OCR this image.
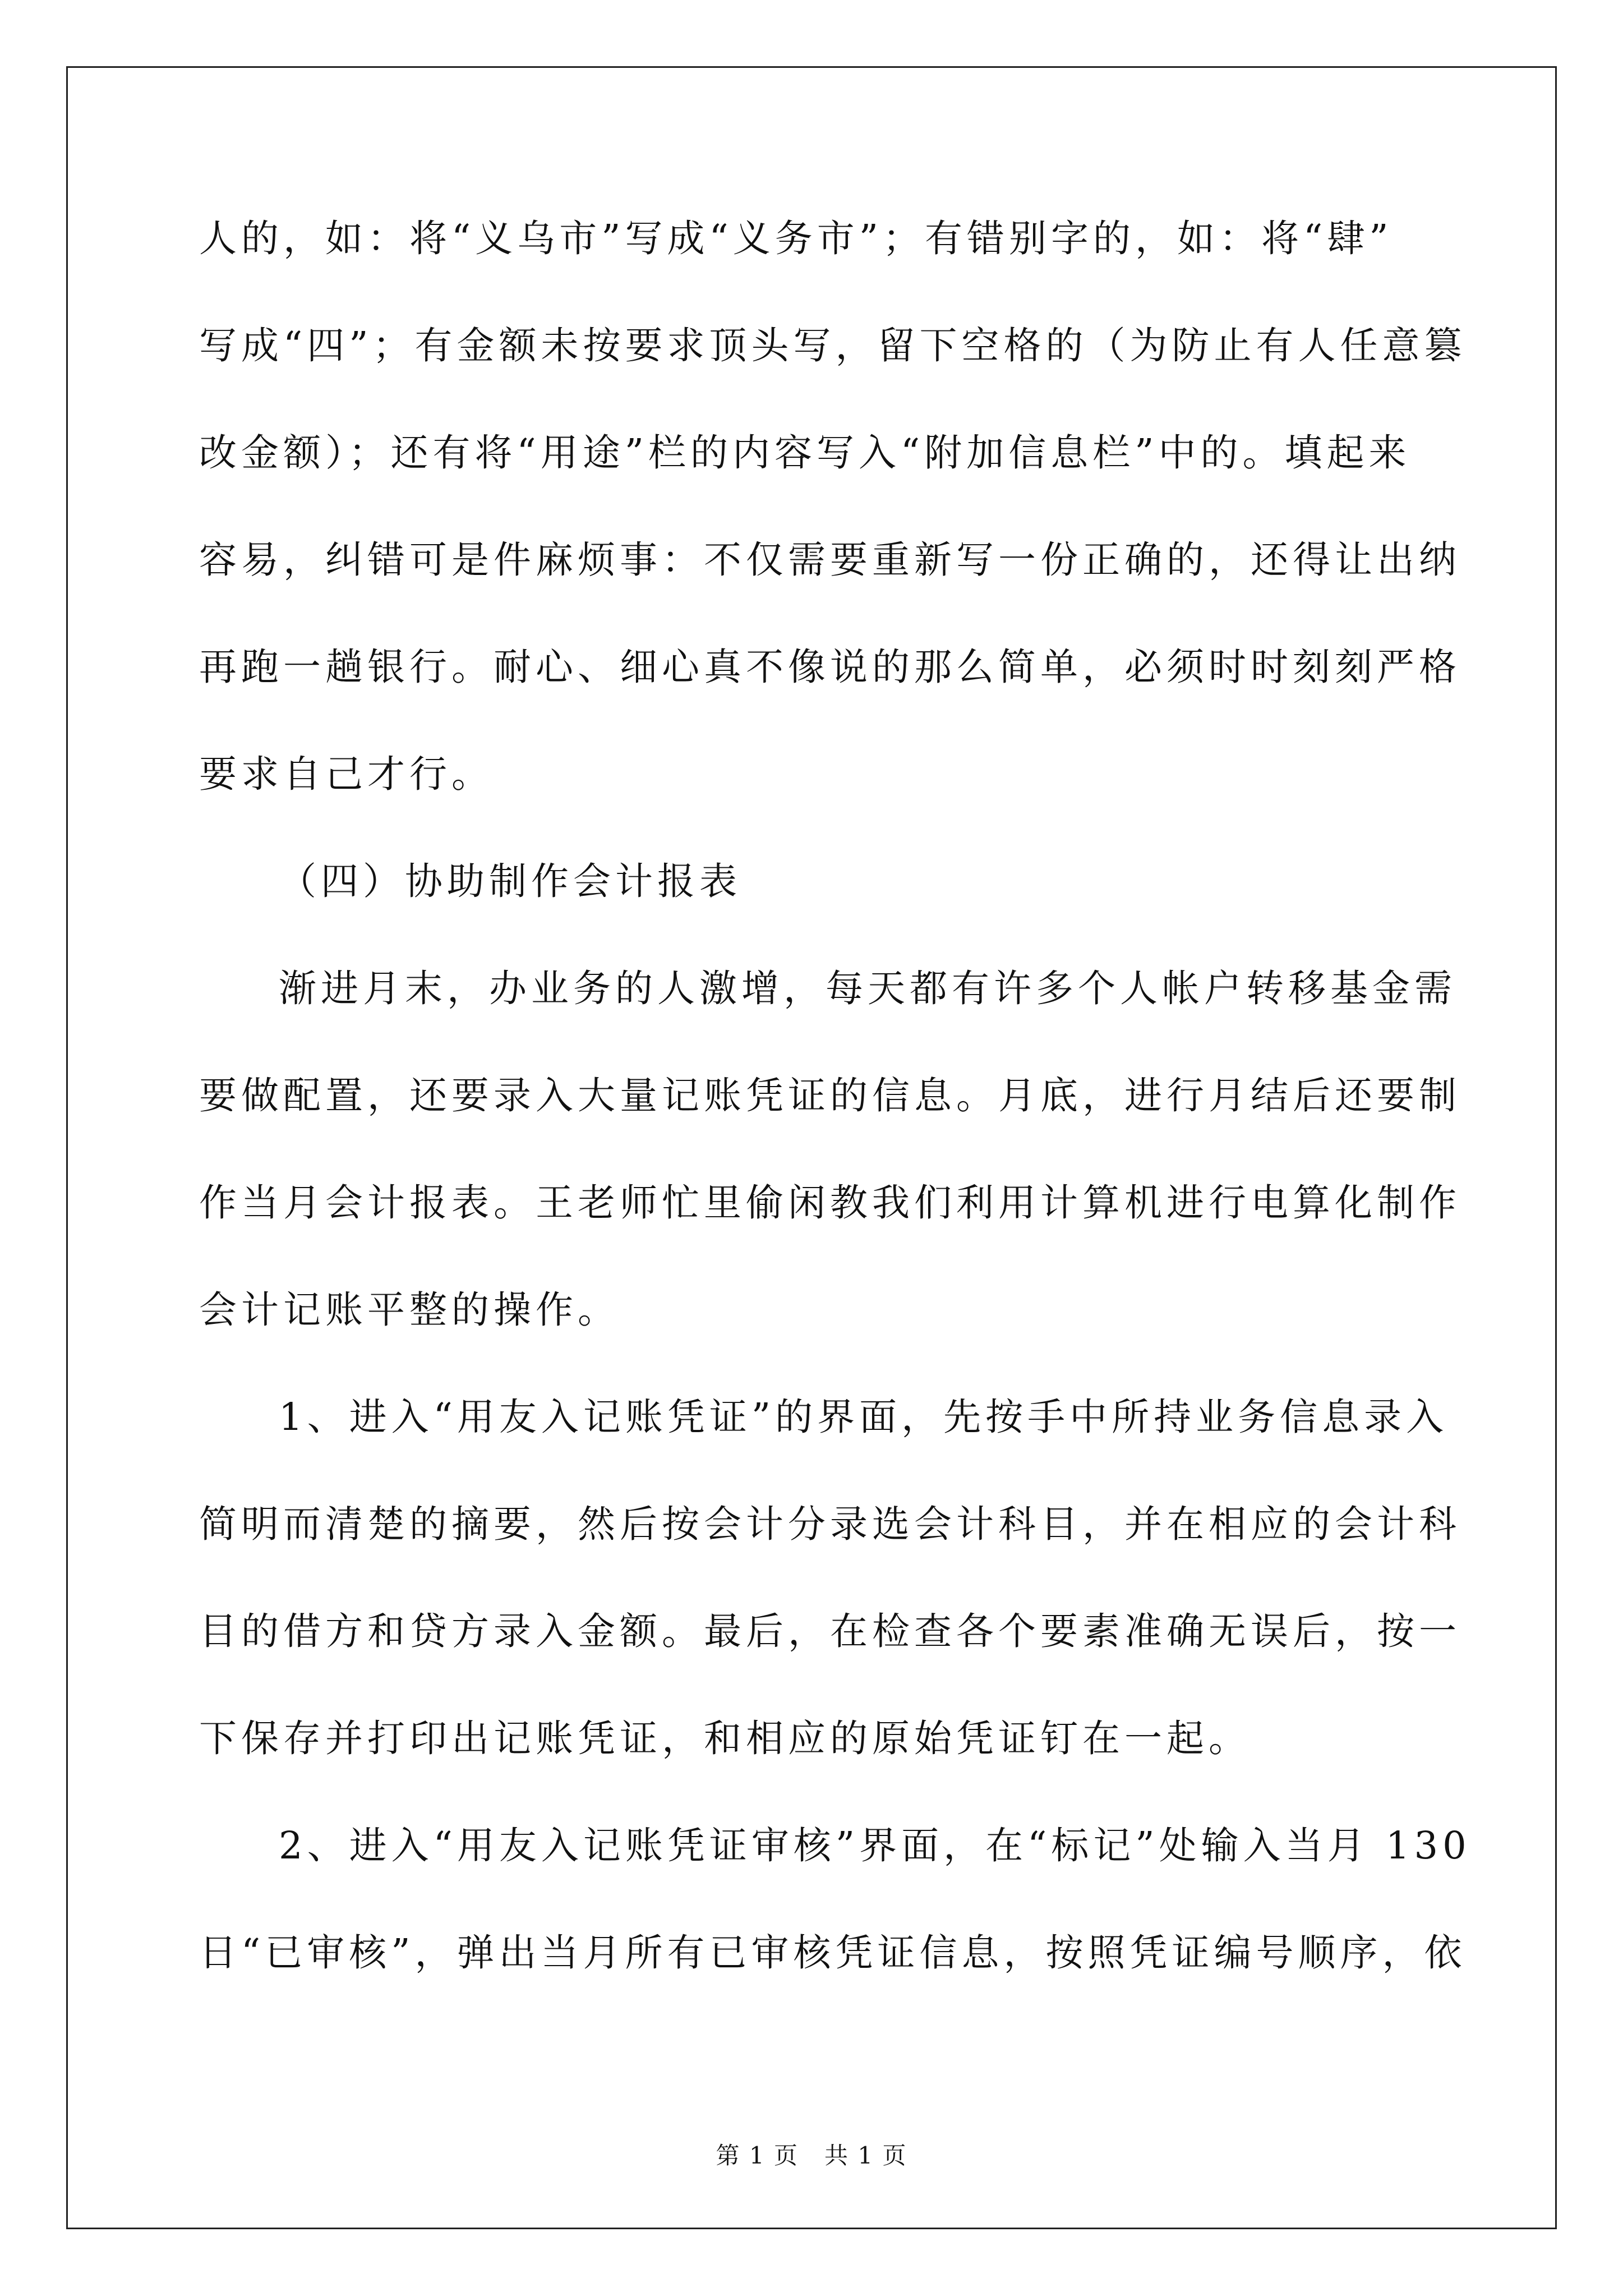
人的，如：将“义乌市”写成“义务市”；有错别字的，如：将“肆”

写成“四”；有金额未按要求顶头写，留下空格的（为防止有人任意篡

改金额）；还有将“用途”栏的内容写入“附加信息栏”中的。填起来

容易，纠错可是件麻烦事：不仅需要重新写一份正确的，还得让出纳

再跑一趟银行。耐心、细心真不像说的那么简单，必须时时刻刻严格

要求自己才行。

（四）协助制作会计报表

渐进月末，办业务的人激增，每天都有许多个人帐户转移基金需

要做配置，还要录入大量记账凭证的信息。月底，进行月结后还要制

作当月会计报表。王老师忙里偷闲教我们利用计算机进行电算化制作

会计记账平整的操作。

1、进入“用友入记账凭证”的界面，先按手中所持业务信息录入

简明而清楚的摘要，然后按会计分录选会计科目，并在相应的会计科

目的借方和贷方录入金额。最后，在检查各个要素准确无误后，按一

下保存并打印出记账凭证，和相应的原始凭证钉在一起。

2、进入“用友入记账凭证审核”界面，在“标记”处输入当月 130

日“已审核”，弹出当月所有已审核凭证信息，按照凭证编号顺序，依

第 1 页   共 1 页
